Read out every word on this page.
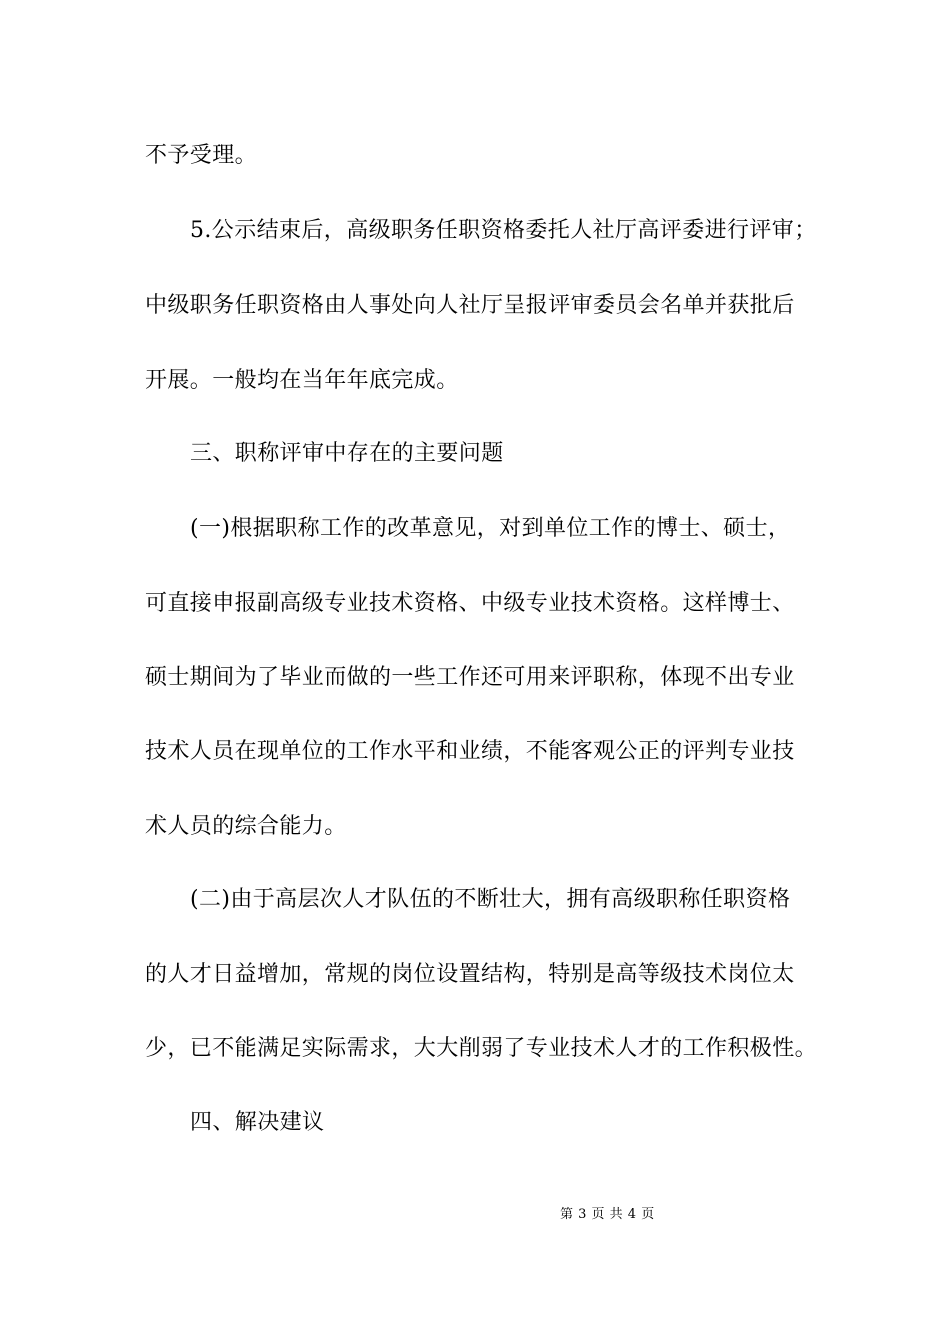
不予受理。
5.公示结束后，高级职务任职资格委托人社厅高评委进行评审；
中级职务任职资格由人事处向人社厅呈报评审委员会名单并获批后
开展。一般均在当年年底完成。
三、职称评审中存在的主要问题
(一)根据职称工作的改革意见，对到单位工作的博士、硕士，
可直接申报副高级专业技术资格、中级专业技术资格。这样博士、
硕士期间为了毕业而做的一些工作还可用来评职称，体现不出专业
技术人员在现单位的工作水平和业绩，不能客观公正的评判专业技
术人员的综合能力。
(二)由于高层次人才队伍的不断壮大，拥有高级职称任职资格
的人才日益增加，常规的岗位设置结构，特别是高等级技术岗位太
少，已不能满足实际需求，大大削弱了专业技术人才的工作积极性。
四、解决建议
第 3 页 共 4 页
